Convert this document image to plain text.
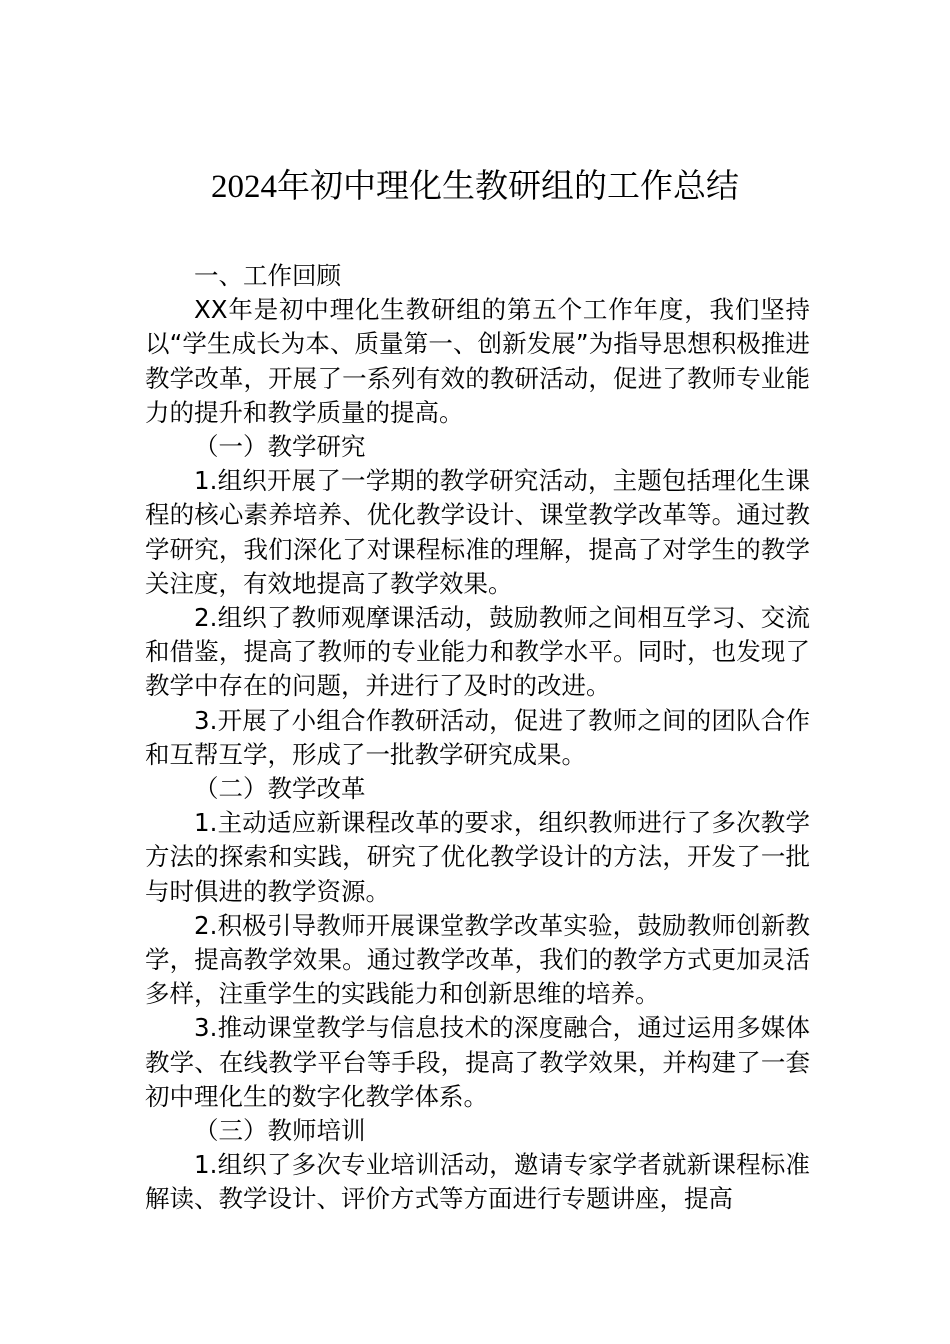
2024年初中理化生教研组的工作总结

一、工作回顾

XX年是初中理化生教研组的第五个工作年度，我们坚持以“学生成长为本、质量第一、创新发展”为指导思想积极推进教学改革，开展了一系列有效的教研活动，促进了教师专业能力的提升和教学质量的提高。

（一）教学研究

1.组织开展了一学期的教学研究活动，主题包括理化生课程的核心素养培养、优化教学设计、课堂教学改革等。通过教学研究，我们深化了对课程标准的理解，提高了对学生的教学关注度，有效地提高了教学效果。

2.组织了教师观摩课活动，鼓励教师之间相互学习、交流和借鉴，提高了教师的专业能力和教学水平。同时，也发现了教学中存在的问题，并进行了及时的改进。

3.开展了小组合作教研活动，促进了教师之间的团队合作和互帮互学，形成了一批教学研究成果。

（二）教学改革

1.主动适应新课程改革的要求，组织教师进行了多次教学方法的探索和实践，研究了优化教学设计的方法，开发了一批与时俱进的教学资源。

2.积极引导教师开展课堂教学改革实验，鼓励教师创新教学，提高教学效果。通过教学改革，我们的教学方式更加灵活多样，注重学生的实践能力和创新思维的培养。

3.推动课堂教学与信息技术的深度融合，通过运用多媒体教学、在线教学平台等手段，提高了教学效果，并构建了一套初中理化生的数字化教学体系。

（三）教师培训

1.组织了多次专业培训活动，邀请专家学者就新课程标准解读、教学设计、评价方式等方面进行专题讲座，提高
